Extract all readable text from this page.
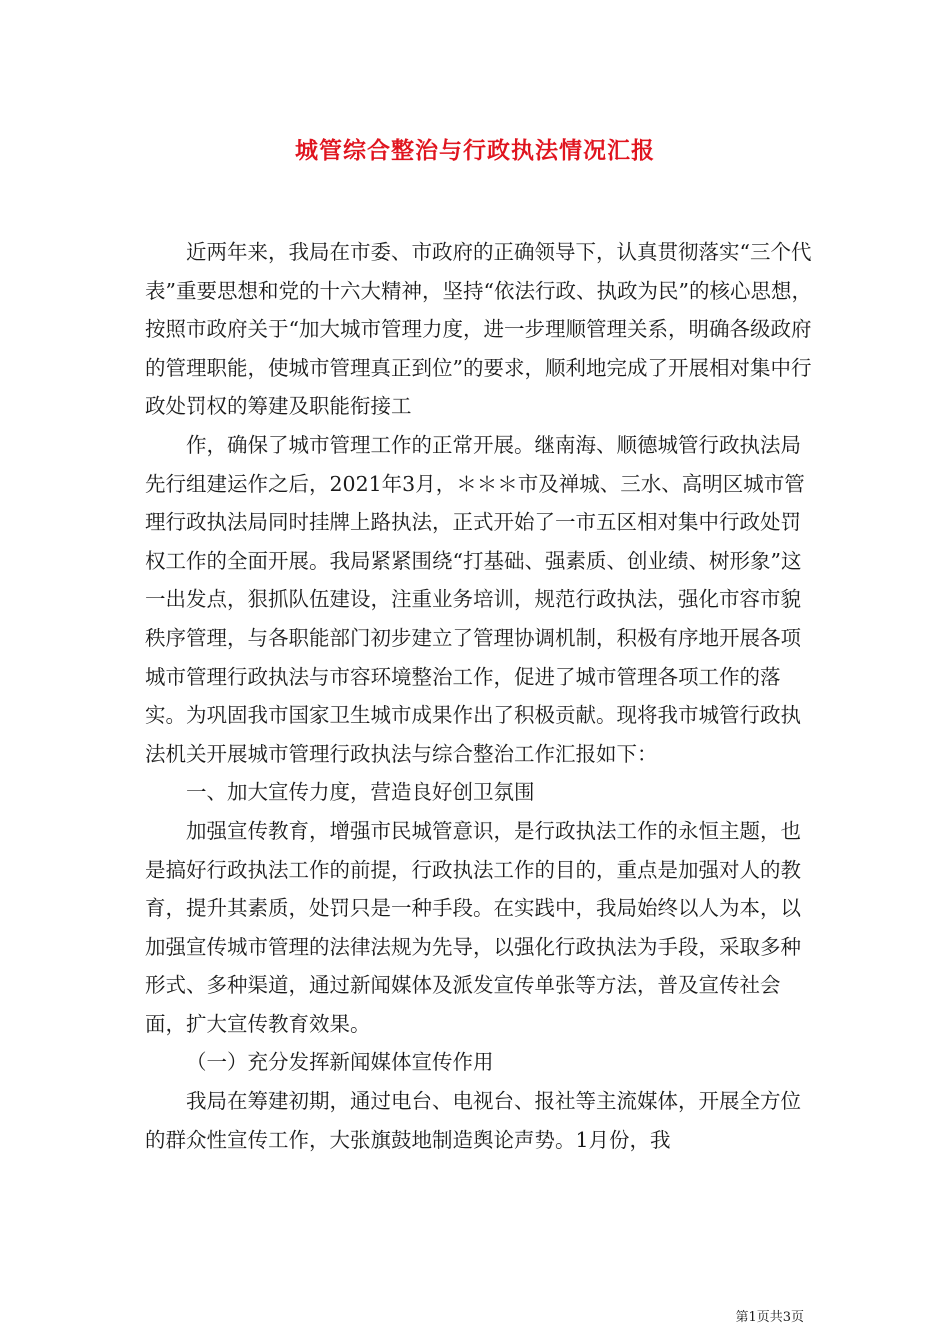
城管综合整治与行政执法情况汇报

近两年来，我局在市委、市政府的正确领导下，认真贯彻落实“三个代表”重要思想和党的十六大精神，坚持“依法行政、执政为民”的核心思想，按照市政府关于“加大城市管理力度，进一步理顺管理关系，明确各级政府的管理职能，使城市管理真正到位”的要求，顺利地完成了开展相对集中行政处罚权的筹建及职能衔接工

作，确保了城市管理工作的正常开展。继南海、顺德城管行政执法局先行组建运作之后，2021年3月，＊＊＊市及禅城、三水、高明区城市管理行政执法局同时挂牌上路执法，正式开始了一市五区相对集中行政处罚权工作的全面开展。我局紧紧围绕“打基础、强素质、创业绩、树形象”这一出发点，狠抓队伍建设，注重业务培训，规范行政执法，强化市容市貌秩序管理，与各职能部门初步建立了管理协调机制，积极有序地开展各项城市管理行政执法与市容环境整治工作，促进了城市管理各项工作的落实。为巩固我市国家卫生城市成果作出了积极贡献。现将我市城管行政执法机关开展城市管理行政执法与综合整治工作汇报如下：

一、加大宣传力度，营造良好创卫氛围

加强宣传教育，增强市民城管意识，是行政执法工作的永恒主题，也是搞好行政执法工作的前提，行政执法工作的目的，重点是加强对人的教育，提升其素质，处罚只是一种手段。在实践中，我局始终以人为本，以加强宣传城市管理的法律法规为先导，以强化行政执法为手段，采取多种形式、多种渠道，通过新闻媒体及派发宣传单张等方法，普及宣传社会面，扩大宣传教育效果。

（一）充分发挥新闻媒体宣传作用

我局在筹建初期，通过电台、电视台、报社等主流媒体，开展全方位的群众性宣传工作，大张旗鼓地制造舆论声势。1月份，我

第1页共3页
